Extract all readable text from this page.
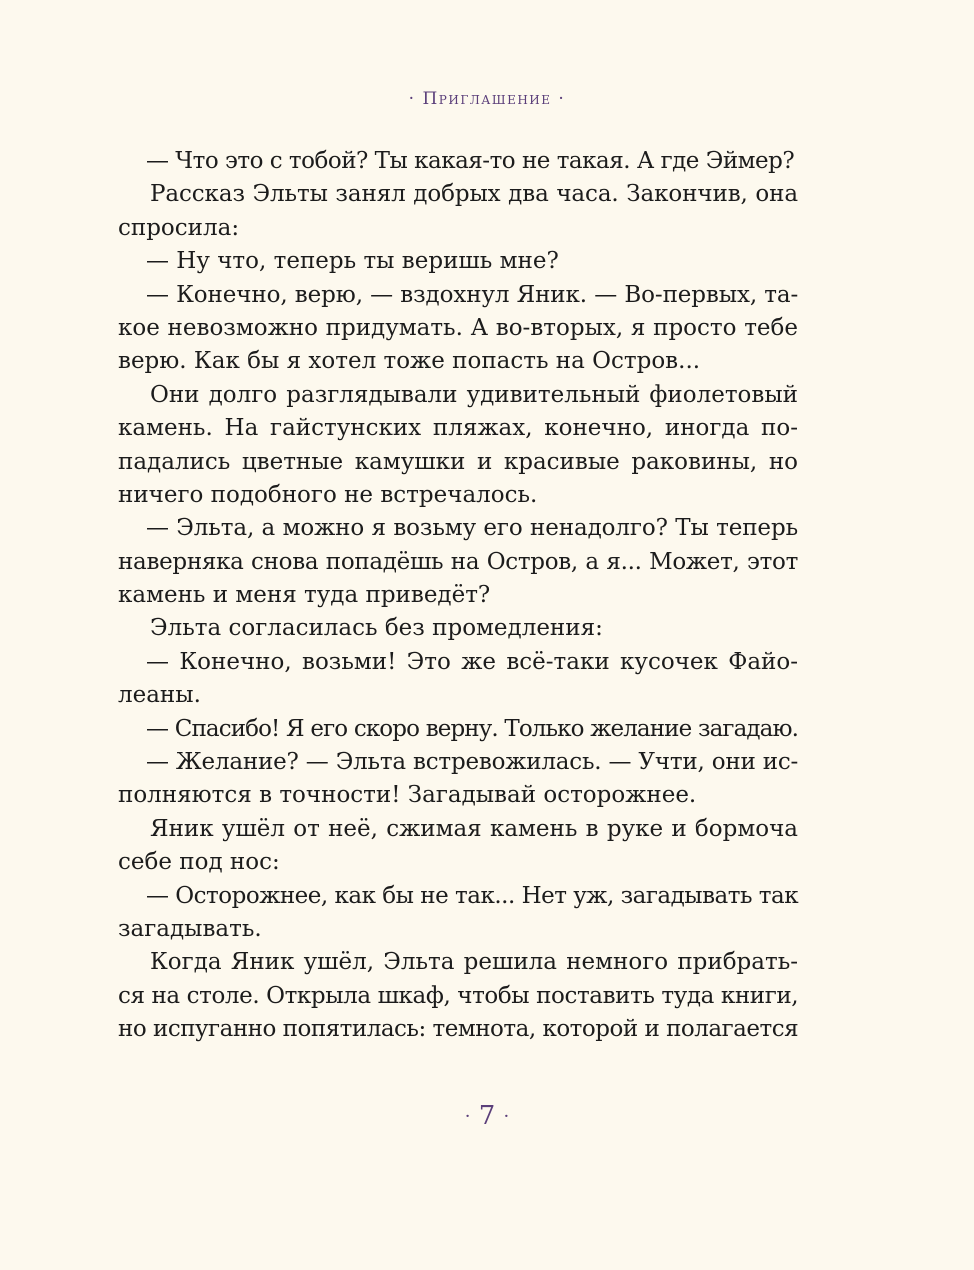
· Приглашение ·
— Что это с тобой? Ты какая-то не такая. А где Эймер?
Рассказ Эльты занял добрых два часа. Закончив, она
спросила:
— Ну что, теперь ты веришь мне?
— Конечно, верю, — вздохнул Яник. — Во-первых, та-
кое невозможно придумать. А во-вторых, я просто тебе
верю. Как бы я хотел тоже попасть на Остров...
Они долго разглядывали удивительный фиолетовый
камень. На гайстунских пляжах, конечно, иногда по-
падались цветные камушки и красивые раковины, но
ничего подобного не встречалось.
— Эльта, а можно я возьму его ненадолго? Ты теперь
наверняка снова попадёшь на Остров, а я... Может, этот
камень и меня туда приведёт?
Эльта согласилась без промедления:
— Конечно, возьми! Это же всё-таки кусочек Файо-
леаны.
— Спасибо! Я его скоро верну. Только желание загадаю.
— Желание? — Эльта встревожилась. — Учти, они ис-
полняются в точности! Загадывай осторожнее.
Яник ушёл от неё, сжимая камень в руке и бормоча
себе под нос:
— Осторожнее, как бы не так... Нет уж, загадывать так
загадывать.
Когда Яник ушёл, Эльта решила немного прибрать-
ся на столе. Открыла шкаф, чтобы поставить туда книги,
но испуганно попятилась: темнота, которой и полагается
· 7 ·
